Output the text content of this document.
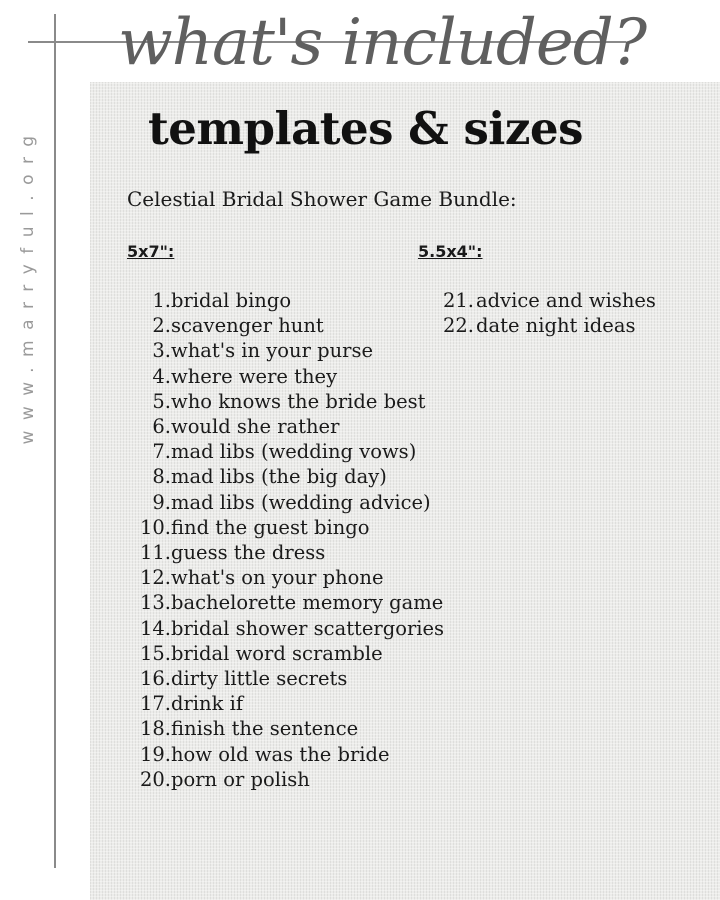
www.marryful.org
what's included?
templates & sizes
Celestial Bridal Shower Game Bundle:
5x7":	5.5x4":
1. bridal bingo
2. scavenger hunt
3. what's in your purse
4. where were they
5. who knows the bride best
6. would she rather
7. mad libs (wedding vows)
8. mad libs (the big day)
9. mad libs (wedding advice)
10. find the guest bingo
11. guess the dress
12. what's on your phone
13. bachelorette memory game
14. bridal shower scattergories
15. bridal word scramble
16. dirty little secrets
17. drink if
18. finish the sentence
19. how old was the bride
20. porn or polish
21. advice and wishes
22. date night ideas
